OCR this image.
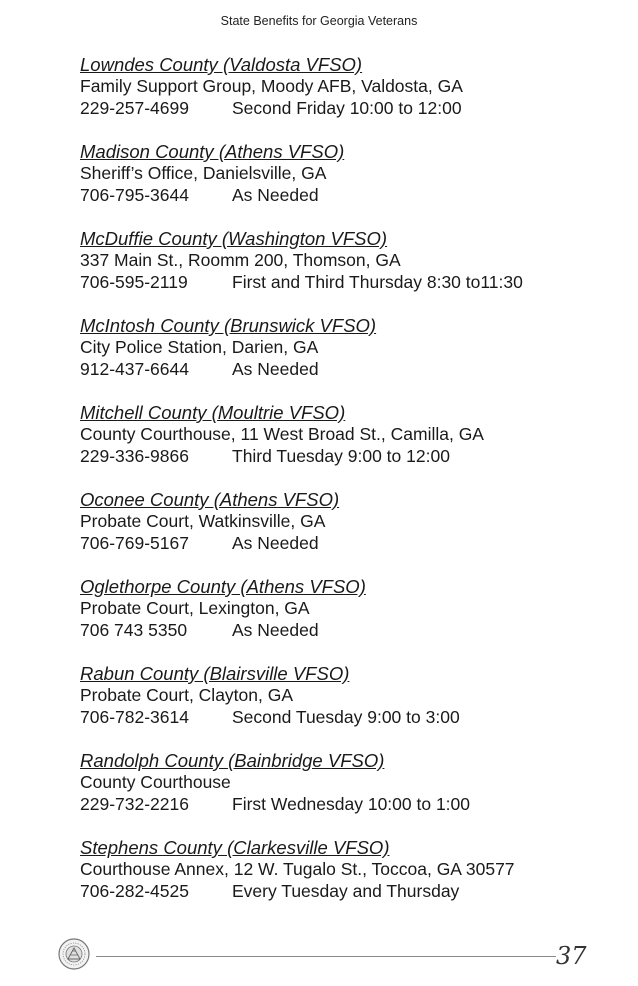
State Benefits for Georgia Veterans
Lowndes County (Valdosta VFSO)
Family Support Group, Moody AFB, Valdosta, GA
229-257-4699 Second Friday 10:00 to 12:00
Madison County (Athens VFSO)
Sheriff’s Office, Danielsville, GA
706-795-3644 As Needed
McDuffie County (Washington VFSO)
337 Main St., Roomm 200, Thomson, GA
706-595-2119	First and Third Thursday 8:30 to11:30
McIntosh County (Brunswick VFSO)
City Police Station, Darien, GA
912-437-6644 As Needed
Mitchell County (Moultrie VFSO)
County Courthouse, 11 West Broad St., Camilla, GA
229-336-9866 Third Tuesday 9:00 to 12:00
Oconee County (Athens VFSO)
Probate Court, Watkinsville, GA
706-769-5167 As Needed
Oglethorpe County (Athens VFSO)
Probate Court, Lexington, GA
706 743 5350	As Needed
Rabun County (Blairsville VFSO)
Probate Court, Clayton, GA
706-782-3614 Second Tuesday 9:00 to 3:00
Randolph County (Bainbridge VFSO)
County Courthouse
229-732-2216 First Wednesday 10:00 to 1:00
Stephens County (Clarkesville VFSO)
Courthouse Annex, 12 W. Tugalo St., Toccoa, GA 30577
706-282-4525 Every Tuesday and Thursday
37
